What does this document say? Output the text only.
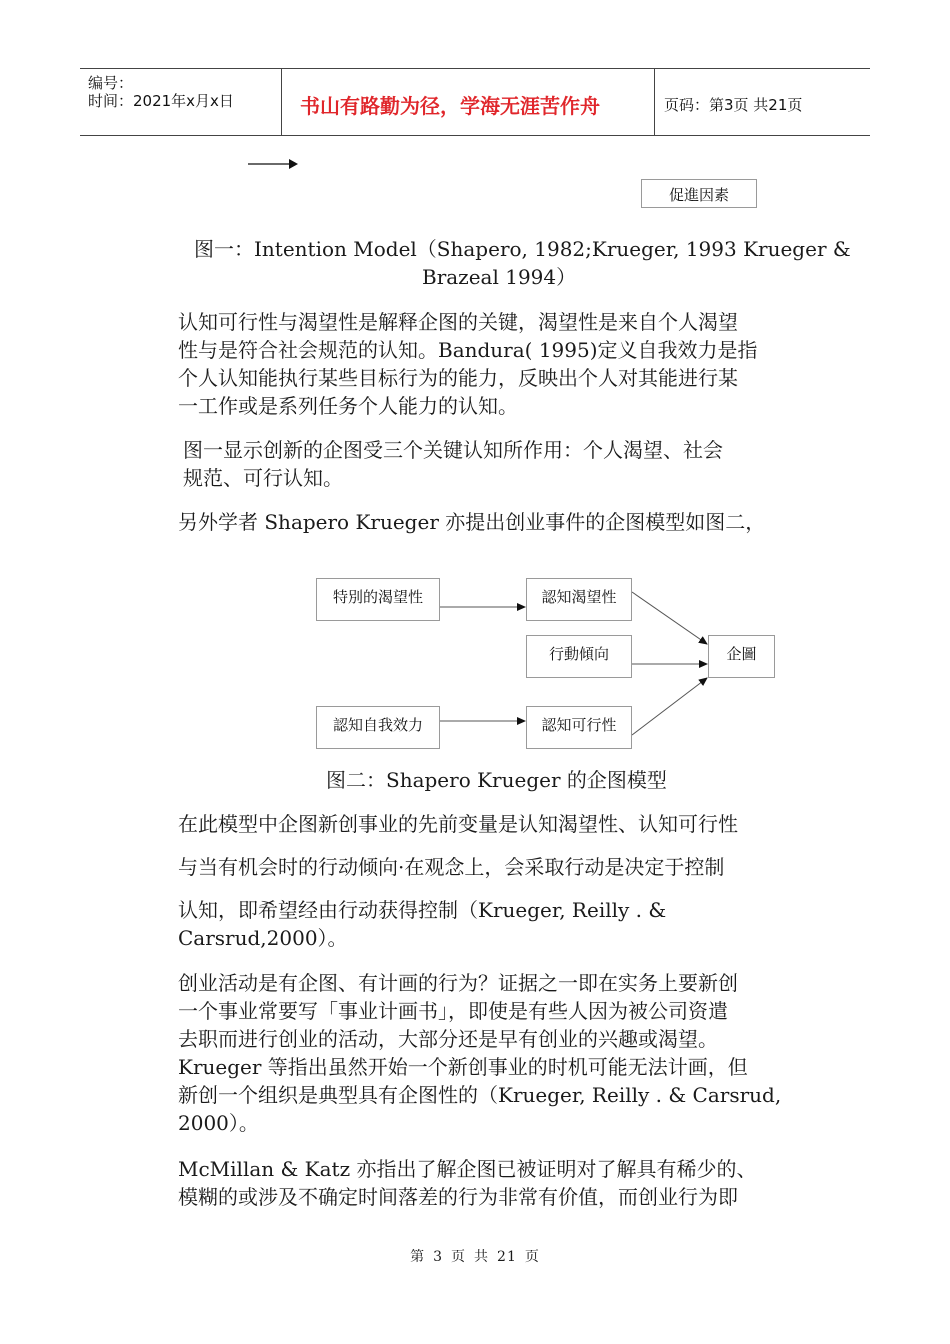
编号：
时间：2021年x月x日	书山有路勤为径，学海无涯苦作舟	页码：第3页 共21页
促進因素
图一：Intention Model（Shapero, 1982;Krueger, 1993 Krueger &
Brazeal 1994）
认知可行性与渴望性是解释企图的关键，渴望性是来自个人渴望
性与是符合社会规范的认知。Bandura( 1995)定义自我效力是指
个人认知能执行某些目标行为的能力，反映出个人对其能进行某
一工作或是系列任务个人能力的认知。
图一显示创新的企图受三个关键认知所作用：个人渴望、社会
规范、可行认知。
另外学者 Shapero Krueger 亦提出创业事件的企图模型如图二，
特別的渴望性	認知渴望性
行動傾向	企圖
認知自我效力	認知可行性
图二：Shapero Krueger 的企图模型
在此模型中企图新创事业的先前变量是认知渴望性、认知可行性
与当有机会时的行动倾向·在观念上，会采取行动是决定于控制
认知，即希望经由行动获得控制（Krueger, Reilly . &
Carsrud,2000）。
创业活动是有企图、有计画的行为？证据之一即在实务上要新创
一个事业常要写「事业计画书」，即使是有些人因为被公司资遣
去职而进行创业的活动，大部分还是早有创业的兴趣或渴望。
Krueger 等指出虽然开始一个新创事业的时机可能无法计画，但
新创一个组织是典型具有企图性的（Krueger, Reilly . & Carsrud,
2000）。
McMillan & Katz 亦指出了解企图已被证明对了解具有稀少的、
模糊的或涉及不确定时间落差的行为非常有价值，而创业行为即
第 3 页 共 21 页
